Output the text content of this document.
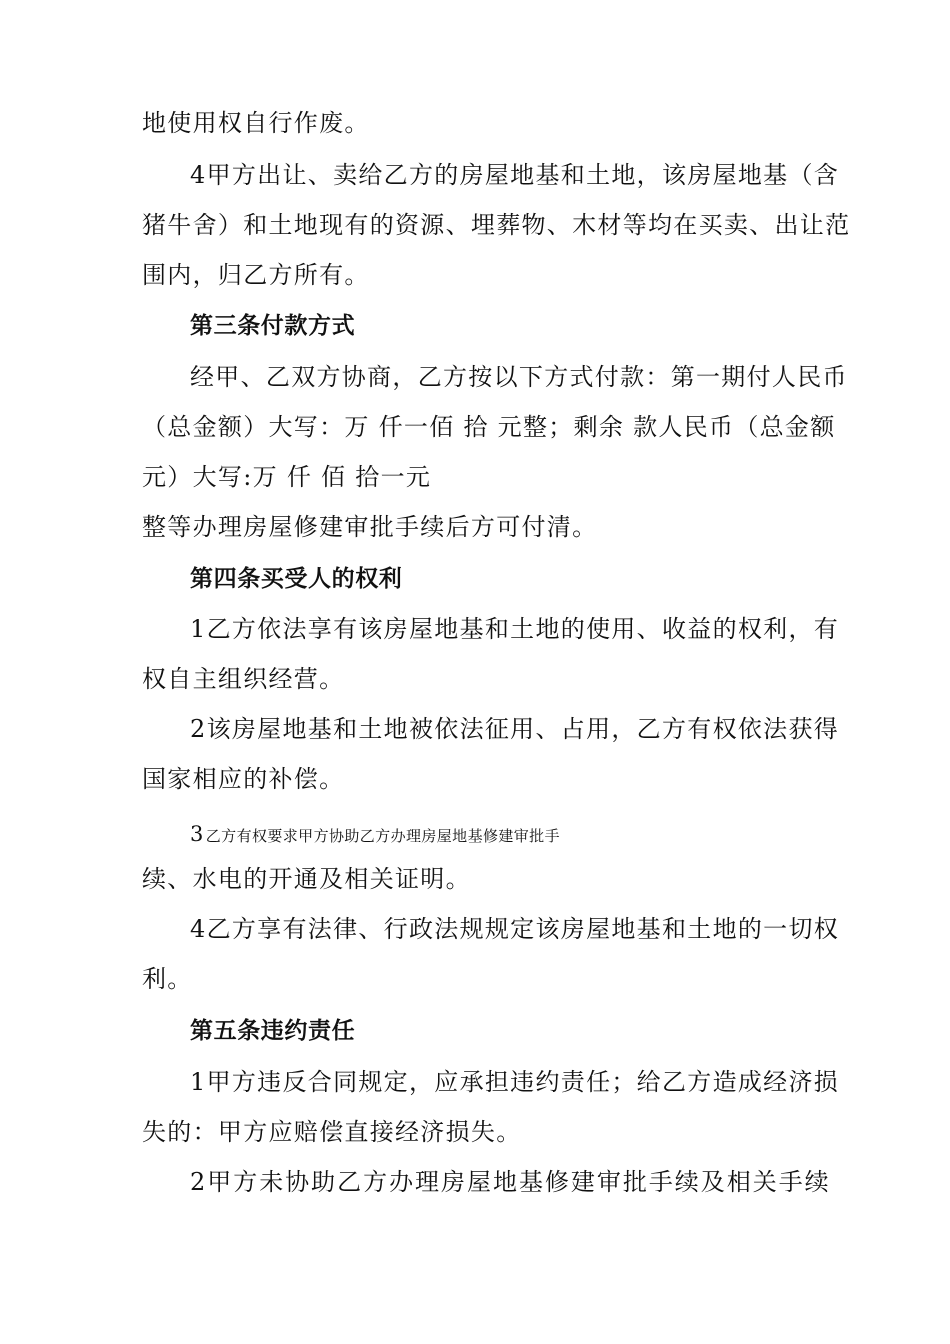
地使用权自行作废。
4甲方出让、卖给乙方的房屋地基和土地，该房屋地基（含
猪牛舍）和土地现有的资源、埋葬物、木材等均在买卖、出让范
围内，归乙方所有。
第三条付款方式
经甲、乙双方协商，乙方按以下方式付款：第一期付人民币
（总金额）大写：万 仟一佰 拾 元整；剩余 款人民币（总金额
元）大写:万 仟 佰 拾一元
整等办理房屋修建审批手续后方可付清。
第四条买受人的权利
1乙方依法享有该房屋地基和土地的使用、收益的权利，有
权自主组织经营。
2该房屋地基和土地被依法征用、占用，乙方有权依法获得
国家相应的补偿。
3 乙方有权要求甲方协助乙方办理房屋地基修建审批手
续、水电的开通及相关证明。
4乙方享有法律、行政法规规定该房屋地基和土地的一切权
利。
第五条违约责任
1甲方违反合同规定，应承担违约责任；给乙方造成经济损
失的：甲方应赔偿直接经济损失。
2甲方未协助乙方办理房屋地基修建审批手续及相关手续
